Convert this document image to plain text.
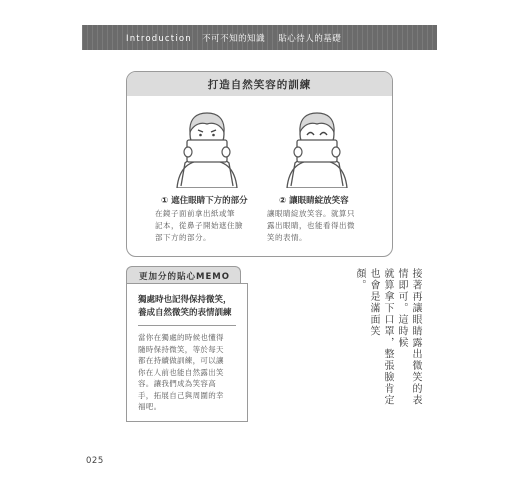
Introduction 不可不知的知識 貼心待人的基礎
打造自然笑容的訓練
① 遮住眼睛下方的部分
在鏡子面前拿出紙或筆
記本，從鼻子開始遮住臉
部下方的部分。
② 讓眼睛綻放笑容
讓眼睛綻放笑容。就算只
露出眼睛，也能看得出微
笑的表情。
更加分的貼心MEMO
獨處時也記得保持微笑，
養成自然微笑的表情訓練
當你在獨處的時候也懂得
隨時保持微笑，等於每天
都在持續做訓練，可以讓
你在人前也能自然露出笑
容。讓我們成為笑容高
手，拓展自己與周圍的幸
福吧。
接著再讓眼睛露出微笑的表情即可。這時候
就算拿下口罩，整張臉肯定也會是滿面笑
顏。
025
